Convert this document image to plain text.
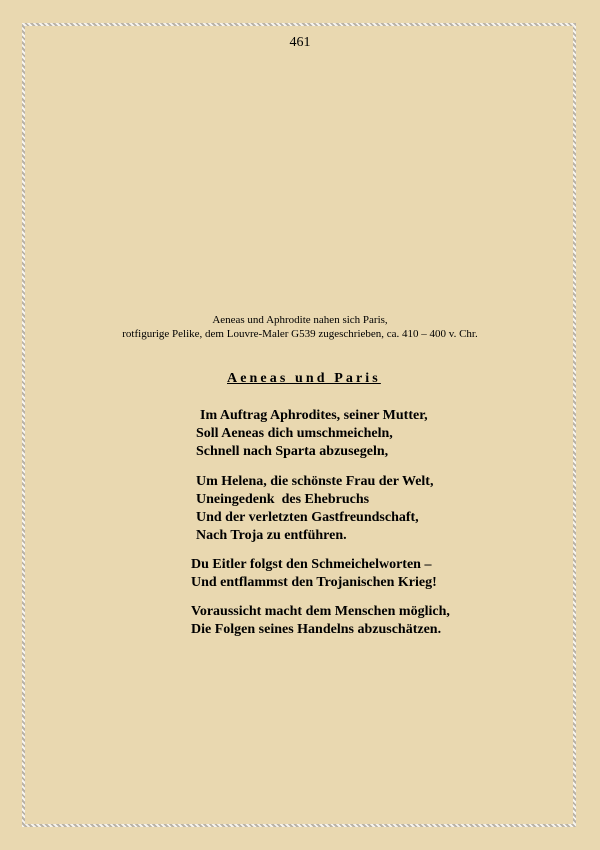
461
Aeneas und Aphrodite nahen sich Paris,
rotfigurige Pelike, dem Louvre-Maler G539 zugeschrieben, ca. 410 – 400 v. Chr.
Aeneas und Paris
Im Auftrag Aphrodites, seiner Mutter,
Soll Aeneas dich umschmeicheln,
Schnell nach Sparta abzusegeln,
Um Helena, die schönste Frau der Welt,
Uneingedenk  des Ehebruchs
Und der verletzten Gastfreundschaft,
Nach Troja zu entführen.
Du Eitler folgst den Schmeichelworten –
Und entflammst den Trojanischen Krieg!
Voraussicht macht dem Menschen möglich,
Die Folgen seines Handelns abzuschätzen.
